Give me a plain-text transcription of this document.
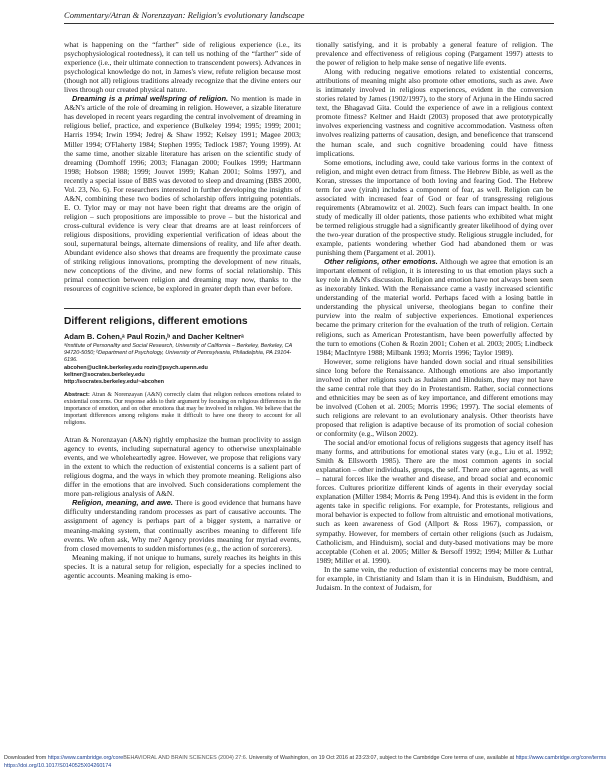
Commentary/Atran & Norenzayan: Religion's evolutionary landscape

what is happening on the “farther” side of religious experience (i.e., its psychophysiological rootedness), it can tell us nothing of the “farther” side of experience (i.e., their ultimate connection to transcendent powers). Advances in psychological knowledge do not, in James's view, refute religion because most (though not all) religious traditions already recognize that the divine enters our lives through our created physical nature.

Dreaming is a primal wellspring of religion. No mention is made in A&N's article of the role of dreaming in religion. However, a sizable literature has developed in recent years regarding the central involvement of dreaming in religious belief, practice, and experience (Bulkeley 1994; 1995; 1999; 2001; Harris 1994; Irwin 1994; Jedrej & Shaw 1992; Kelsey 1991; Magee 2003; Miller 1994; O'Flaherty 1984; Stephen 1995; Tedlock 1987; Young 1999). At the same time, another sizable literature has arisen on the scientific study of dreaming (Domhoff 1996; 2003; Flanagan 2000; Foulkes 1999; Hartmann 1998; Hobson 1988; 1999; Jouvet 1999; Kahan 2001; Solms 1997), and recently a special issue of BBS was devoted to sleep and dreaming (BBS 2000, Vol. 23, No. 6). For researchers interested in further developing the insights of A&N, combining these two bodies of scholarship offers intriguing potentials. E. O. Tylor may or may not have been right that dreams are the origin of religion – such propositions are impossible to prove – but the historical and cross-cultural evidence is very clear that dreams are at least reinforcers of religious dispositions, providing experiential verification of ideas about the soul, supernatural beings, alternate dimensions of reality, and life after death. Abundant evidence also shows that dreams are frequently the proximate cause of striking religious innovations, prompting the development of new rituals, new conceptions of the divine, and new forms of social relationship. This primal connection between religion and dreaming may now, thanks to the resources of cognitive science, be explored in greater depth than ever before.

Different religions, different emotions

Adam B. Cohen,ᵃ Paul Rozin,ᵇ and Dacher Keltnerᵃ

ᵃInstitute of Personality and Social Research, University of California – Berkeley, Berkeley, CA 94720-5050; ᵇDepartment of Psychology, University of Pennsylvania, Philadelphia, PA 19104-6196.

abcohen@uclink.berkeley.edu rozin@psych.upenn.edu
keltner@socrates.berkeley.edu
http://socrates.berkeley.edu/~abcohen

Abstract: Atran & Norenzayan (A&N) correctly claim that religion reduces emotions related to existential concerns. Our response adds to their argument by focusing on religious differences in the importance of emotion, and on other emotions that may be involved in religion. We believe that the important differences among religions make it difficult to have one theory to account for all religions.

Atran & Norenzayan (A&N) rightly emphasize the human proclivity to assign agency to events, including supernatural agency to otherwise unexplainable events, and we wholeheartedly agree. However, we propose that religions vary in the extent to which the reduction of existential concerns is a salient part of religious dogma, and the ways in which they promote meaning. Religions also differ in the emotions that are involved. Such considerations complement the more pan-religious analysis of A&N.

Religion, meaning, and awe. There is good evidence that humans have difficulty understanding random processes as part of causative accounts. The assignment of agency is perhaps part of a bigger system, a narrative or meaning-making system, that continually ascribes meaning to different life events. We often ask, Why me? Agency provides meaning for myriad events, from closed movements to sudden misfortunes (e.g., the action of sorcerers).

Meaning making, if not unique to humans, surely reaches its heights in this species. It is a natural setup for religion, especially for a species inclined to agentic accounts. Meaning making is emo-

tionally satisfying, and it is probably a general feature of religion. The prevalence and effectiveness of religious coping (Pargament 1997) attests to the power of religion to help make sense of negative life events.

Along with reducing negative emotions related to existential concerns, attributions of meaning might also promote other emotions, such as awe. Awe is intimately involved in religious experiences, evident in the conversion stories related by James (1902/1997), to the story of Arjuna in the Hindu sacred text, the Bhagavad Gita. Could the experience of awe in a religious context promote fitness? Keltner and Haidt (2003) proposed that awe prototypically involves experiencing vastness and cognitive accommodation. Vastness often involves realizing patterns of causation, design, and beneficence that transcend the human scale, and such cognitive broadening could have fitness implications.

Some emotions, including awe, could take various forms in the context of religion, and might even detract from fitness. The Hebrew Bible, as well as the Koran, stresses the importance of both loving and fearing God. The Hebrew term for awe (yirah) includes a component of fear, as well. Religion can be associated with increased fear of God or fear of transgressing religious requirements (Abramowitz et al. 2002). Such fears can impact health. In one study of medically ill older patients, those patients who exhibited what might be termed religious struggle had a significantly greater likelihood of dying over the two-year duration of the prospective study. Religious struggle included, for example, patients wondering whether God had abandoned them or was punishing them (Pargament et al. 2001).

Other religions, other emotions. Although we agree that emotion is an important element of religion, it is interesting to us that emotion plays such a key role in A&N's discussion. Religion and emotion have not always been seen as inexorably linked. With the Renaissance came a vastly increased scientific understanding of the material world. Perhaps faced with a losing battle in understanding the physical universe, theologians began to confine their purview into the realm of subjective experiences. Emotional experiences became the primary criterion for the evaluation of the truth of religion. Certain religions, such as American Protestantism, have been powerfully affected by the turn to emotions (Cohen & Rozin 2001; Cohen et al. 2003; 2005; Lindbeck 1984; MacIntyre 1988; Milbank 1993; Morris 1996; Taylor 1989).

However, some religions have handed down social and ritual sensibilities since long before the Renaissance. Although emotions are also importantly involved in other religions such as Judaism and Hinduism, they may not have the same central role that they do in Protestantism. Rather, social connections and ethnicities may be seen as of key importance, and different emotions may be involved (Cohen et al. 2005; Morris 1996; 1997). The social elements of such religions are relevant to an evolutionary analysis. Other theorists have proposed that religion is adaptive because of its promotion of social cohesion or conformity (e.g., Wilson 2002).

The social and/or emotional focus of religions suggests that agency itself has many forms, and attributions for emotional states vary (e.g., Liu et al. 1992; Smith & Ellsworth 1985). There are the most common agents in social explanation – other individuals, groups, the self. There are other agents, as well – natural forces like the weather and disease, and broad social and economic forces. Cultures prioritize different kinds of agents in their everyday social explanation (Miller 1984; Morris & Peng 1994). And this is evident in the form agents take in specific religions. For example, for Protestants, religious and moral behavior is expected to follow from altruistic and emotional motivations, such as keen awareness of God (Allport & Ross 1967), compassion, or sympathy. However, for members of certain other religions (such as Judaism, Catholicism, and Hinduism), social and duty-based motivations may be more acceptable (Cohen et al. 2005; Miller & Bersoff 1992; 1994; Miller & Luthar 1989; Miller et al. 1990).

In the same vein, the reduction of existential concerns may be more central, for example, in Christianity and Islam than it is in Hinduism, Buddhism, and Judaism. In the context of Judaism, for

Downloaded from https://www.cambridge.org/coreBEHAVIORAL AND BRAIN SCIENCES (2004) 27:6. University of Washington, on 19 Oct 2016 at 23:23:07, subject to the Cambridge Core terms of use, available at https://www.cambridge.org/core/terms
https://doi.org/10.1017/S0140525X04260174
